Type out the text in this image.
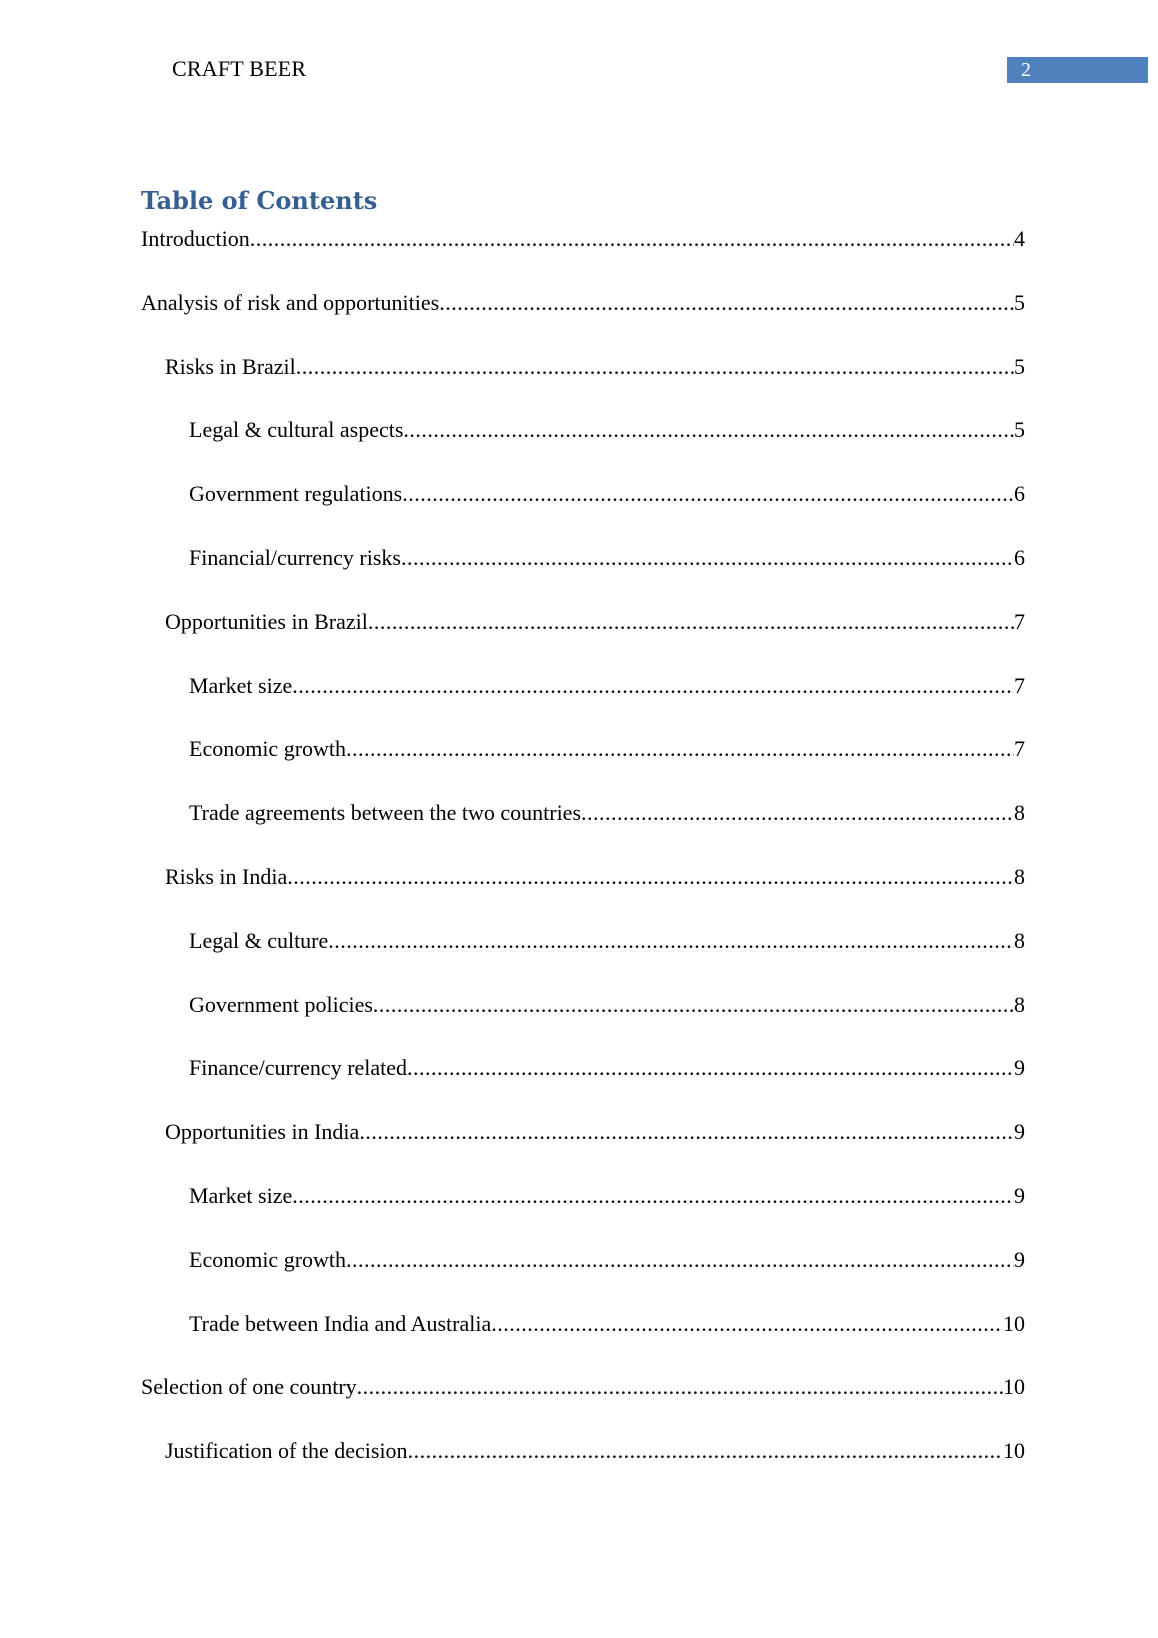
CRAFT BEER	2
Table of Contents
Introduction .....	4
Analysis of risk and opportunities .....	5
Risks in Brazil .....	5
Legal & cultural aspects .....	5
Government regulations .....	6
Financial/currency risks .....	6
Opportunities in Brazil .....	7
Market size .....	7
Economic growth .....	7
Trade agreements between the two countries .....	8
Risks in India .....	8
Legal & culture .....	8
Government policies .....	8
Finance/currency related .....	9
Opportunities in India .....	9
Market size .....	9
Economic growth .....	9
Trade between India and Australia .....	10
Selection of one country .....	10
Justification of the decision .....	10
